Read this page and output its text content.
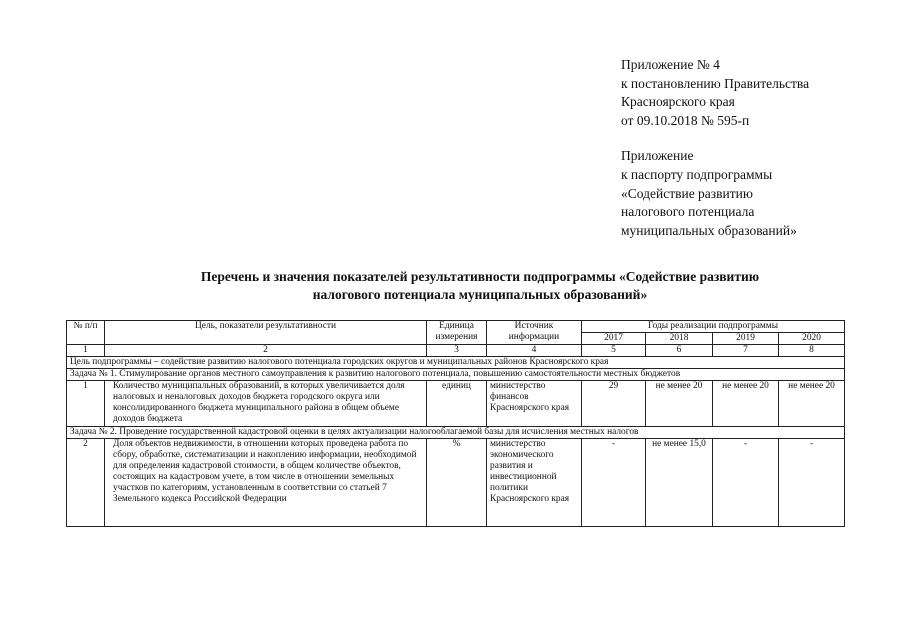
Приложение № 4
к постановлению Правительства
Красноярского края
от 09.10.2018 № 595-п
Приложение
к паспорту подпрограммы
«Содействие развитию
налогового потенциала
муниципальных образований»
Перечень и значения показателей результативности подпрограммы «Содействие развитию
налогового потенциала муниципальных образований»
№ п/п	Цель, показатели результативности	Единица измерения	Источник информации	Годы реализации подпрограммы			
				2017	2018	2019	2020
1	2	3	4	5	6	7	8
Цель подпрограммы – содействие развитию налогового потенциала городских округов и муниципальных районов Красноярского края							
Задача № 1. Стимулирование органов местного самоуправления к развитию налогового потенциала, повышению самостоятельности местных бюджетов							
1	Количество муниципальных образований, в которых увеличивается доля налоговых и неналоговых доходов бюджета городского округа или консолидированного бюджета муниципального района в общем объеме доходов бюджета	единиц	министерство финансов Красноярского края	29	не менее 20	не менее 20	не менее 20
Задача № 2. Проведение государственной кадастровой оценки в целях актуализации налогооблагаемой базы для исчисления местных налогов							
2	Доля объектов недвижимости, в отношении которых проведена работа по сбору, обработке, систематизации и накоплению информации, необходимой для определения кадастровой стоимости, в общем количестве объектов, состоящих на кадастровом учете, в том числе в отношении земельных участков по категориям, установленным в соответствии со статьей 7 Земельного кодекса Российской Федерации	%	министерство экономического развития и инвестиционной политики Красноярского края	-	не менее 15,0	-	-
